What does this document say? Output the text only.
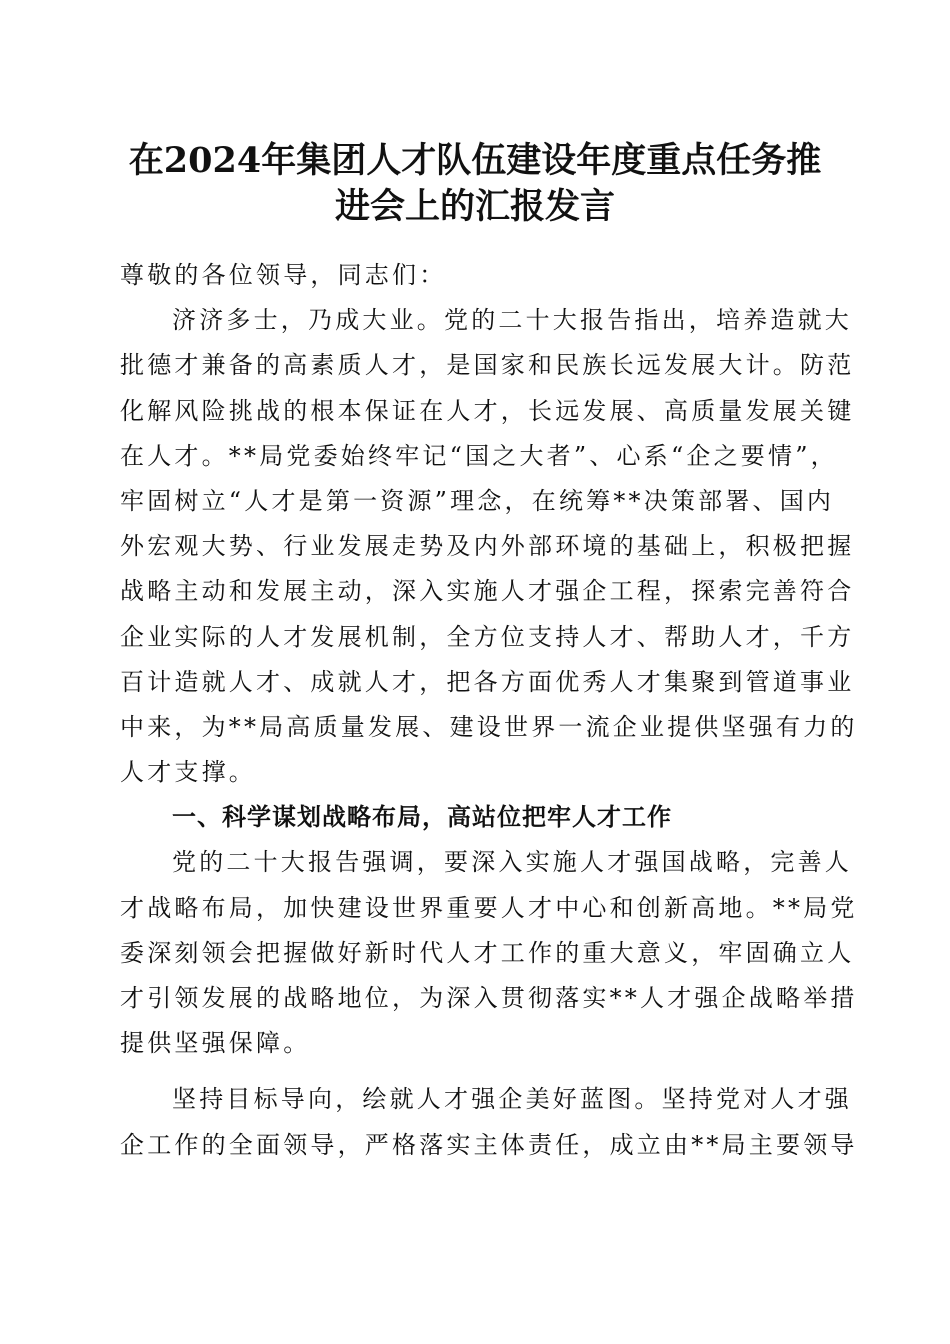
在2024年集团人才队伍建设年度重点任务推
进会上的汇报发言
尊敬的各位领导，同志们：
济济多士，乃成大业。党的二十大报告指出，培养造就大
批德才兼备的高素质人才，是国家和民族长远发展大计。防范
化解风险挑战的根本保证在人才，长远发展、高质量发展关键
在人才。**局党委始终牢记“国之大者”、心系“企之要情”，
牢固树立“人才是第一资源”理念，在统筹**决策部署、国内
外宏观大势、行业发展走势及内外部环境的基础上，积极把握
战略主动和发展主动，深入实施人才强企工程，探索完善符合
企业实际的人才发展机制，全方位支持人才、帮助人才，千方
百计造就人才、成就人才，把各方面优秀人才集聚到管道事业
中来，为**局高质量发展、建设世界一流企业提供坚强有力的
人才支撑。
一、科学谋划战略布局，高站位把牢人才工作
党的二十大报告强调，要深入实施人才强国战略，完善人
才战略布局，加快建设世界重要人才中心和创新高地。**局党
委深刻领会把握做好新时代人才工作的重大意义，牢固确立人
才引领发展的战略地位，为深入贯彻落实**人才强企战略举措
提供坚强保障。
坚持目标导向，绘就人才强企美好蓝图。坚持党对人才强
企工作的全面领导，严格落实主体责任，成立由**局主要领导
